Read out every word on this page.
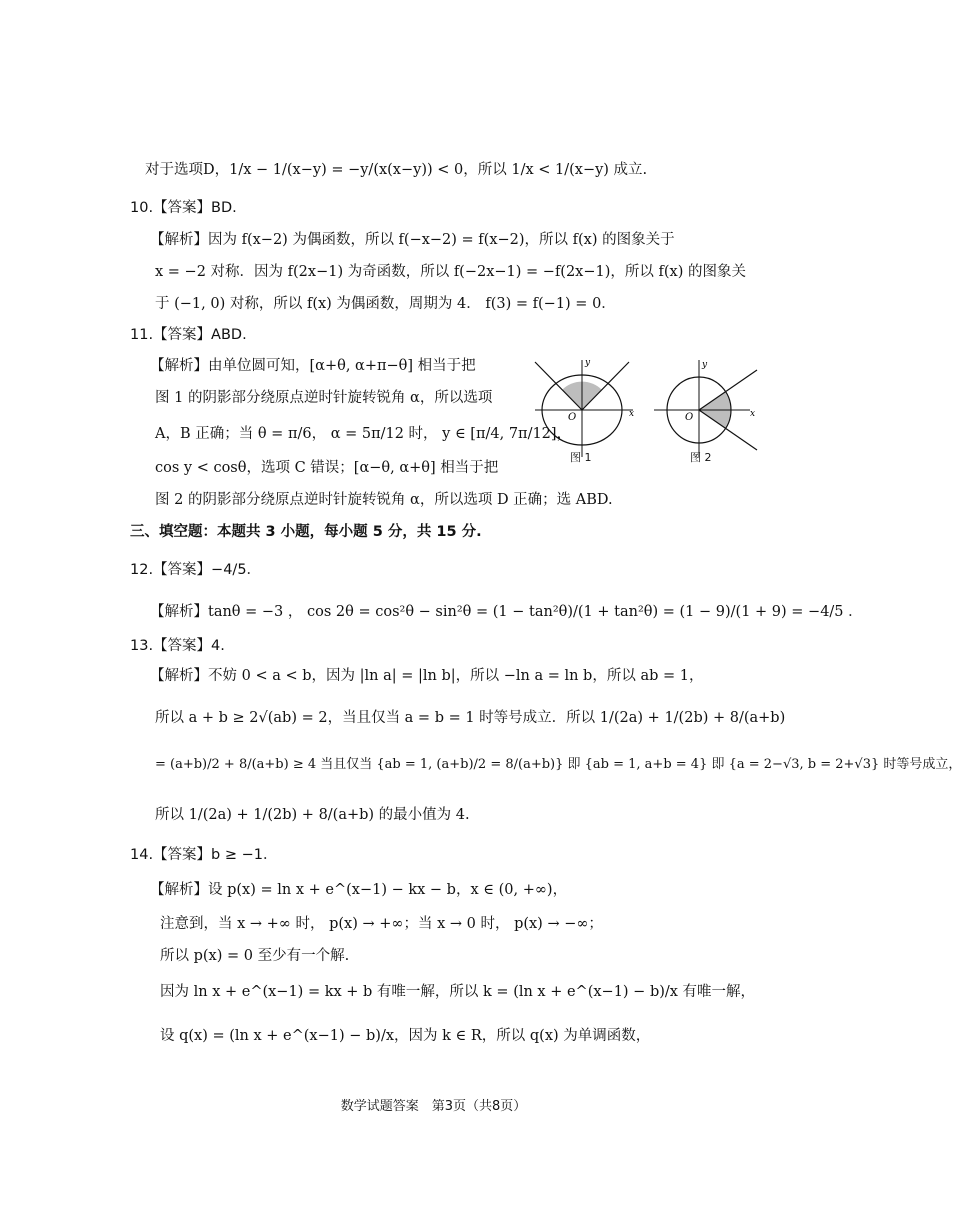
对于选项D，1/x − 1/(x−y) = −y/(x(x−y)) < 0，所以 1/x < 1/(x−y) 成立.
10.【答案】BD.
【解析】因为 f(x−2) 为偶函数，所以 f(−x−2) = f(x−2)，所以 f(x) 的图象关于
x = −2 对称．因为 f(2x−1) 为奇函数，所以 f(−2x−1) = −f(2x−1)，所以 f(x) 的图象关
于 (−1, 0) 对称，所以 f(x) 为偶函数，周期为 4． f(3) = f(−1) = 0．
11.【答案】ABD.
【解析】由单位圆可知，[α+θ, α+π−θ] 相当于把
图 1 的阴影部分绕原点逆时针旋转锐角 α，所以选项
A，B 正确；当 θ = π/6， α = 5π/12 时， y ∈ [π/4, 7π/12]，
cos y < cosθ，选项 C 错误；[α−θ, α+θ] 相当于把
图 2 的阴影部分绕原点逆时针旋转锐角 α，所以选项 D 正确；选 ABD.
三、填空题：本题共 3 小题，每小题 5 分，共 15 分.
12.【答案】−4/5．
【解析】tanθ = −3 ， cos 2θ = cos²θ − sin²θ = (1 − tan²θ)/(1 + tan²θ) = (1 − 9)/(1 + 9) = −4/5 ．
13.【答案】4.
【解析】不妨 0 < a < b，因为 |ln a| = |ln b|，所以 −ln a = ln b，所以 ab = 1，
所以 a + b ≥ 2√(ab) = 2，当且仅当 a = b = 1 时等号成立．所以 1/(2a) + 1/(2b) + 8/(a+b)
= (a+b)/2 + 8/(a+b) ≥ 4 当且仅当 {ab = 1, (a+b)/2 = 8/(a+b)} 即 {ab = 1, a+b = 4} 即 {a = 2−√3, b = 2+√3} 时等号成立，
所以 1/(2a) + 1/(2b) + 8/(a+b) 的最小值为 4.
14.【答案】b ≥ −1．
【解析】设 p(x) = ln x + e^(x−1) − kx − b，x ∈ (0, +∞)，
注意到，当 x → +∞ 时， p(x) → +∞；当 x → 0 时， p(x) → −∞；
所以 p(x) = 0 至少有一个解.
因为 ln x + e^(x−1) = kx + b 有唯一解，所以 k = (ln x + e^(x−1) − b)/x 有唯一解，
设 q(x) = (ln x + e^(x−1) − b)/x，因为 k ∈ R，所以 q(x) 为单调函数，
y
x
O
图 1
y
x
O
图 2
数学试题答案　第3页（共8页）
